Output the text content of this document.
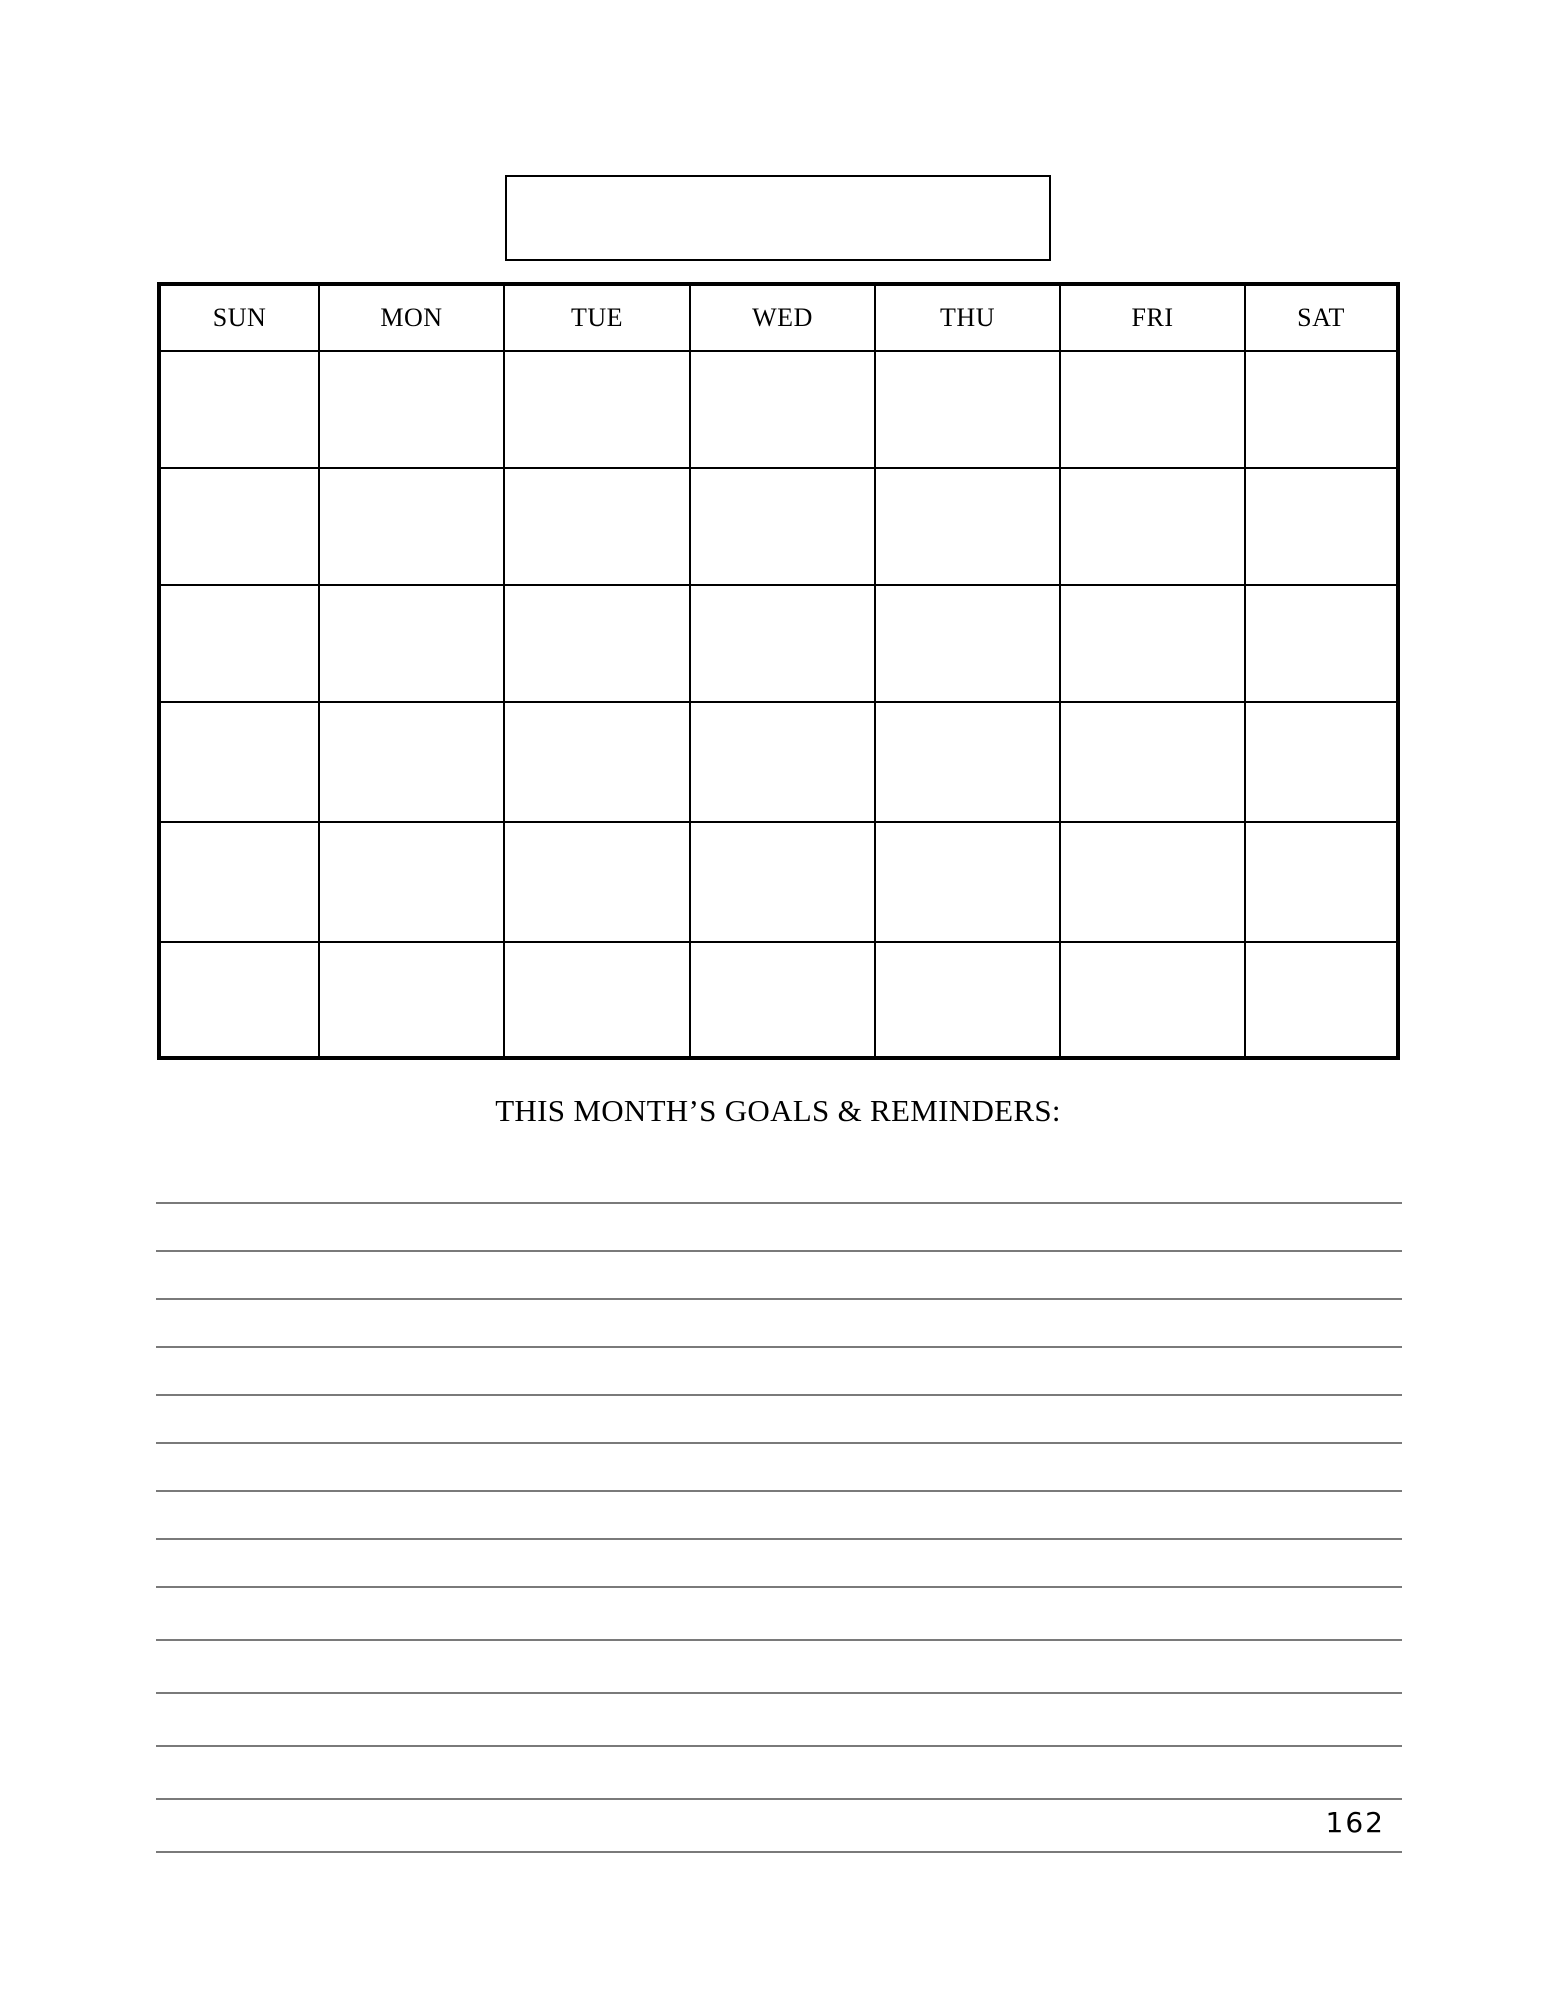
SUN	MON	TUE	WED	THU	FRI	SAT
THIS MONTH’S GOALS & REMINDERS:
162
